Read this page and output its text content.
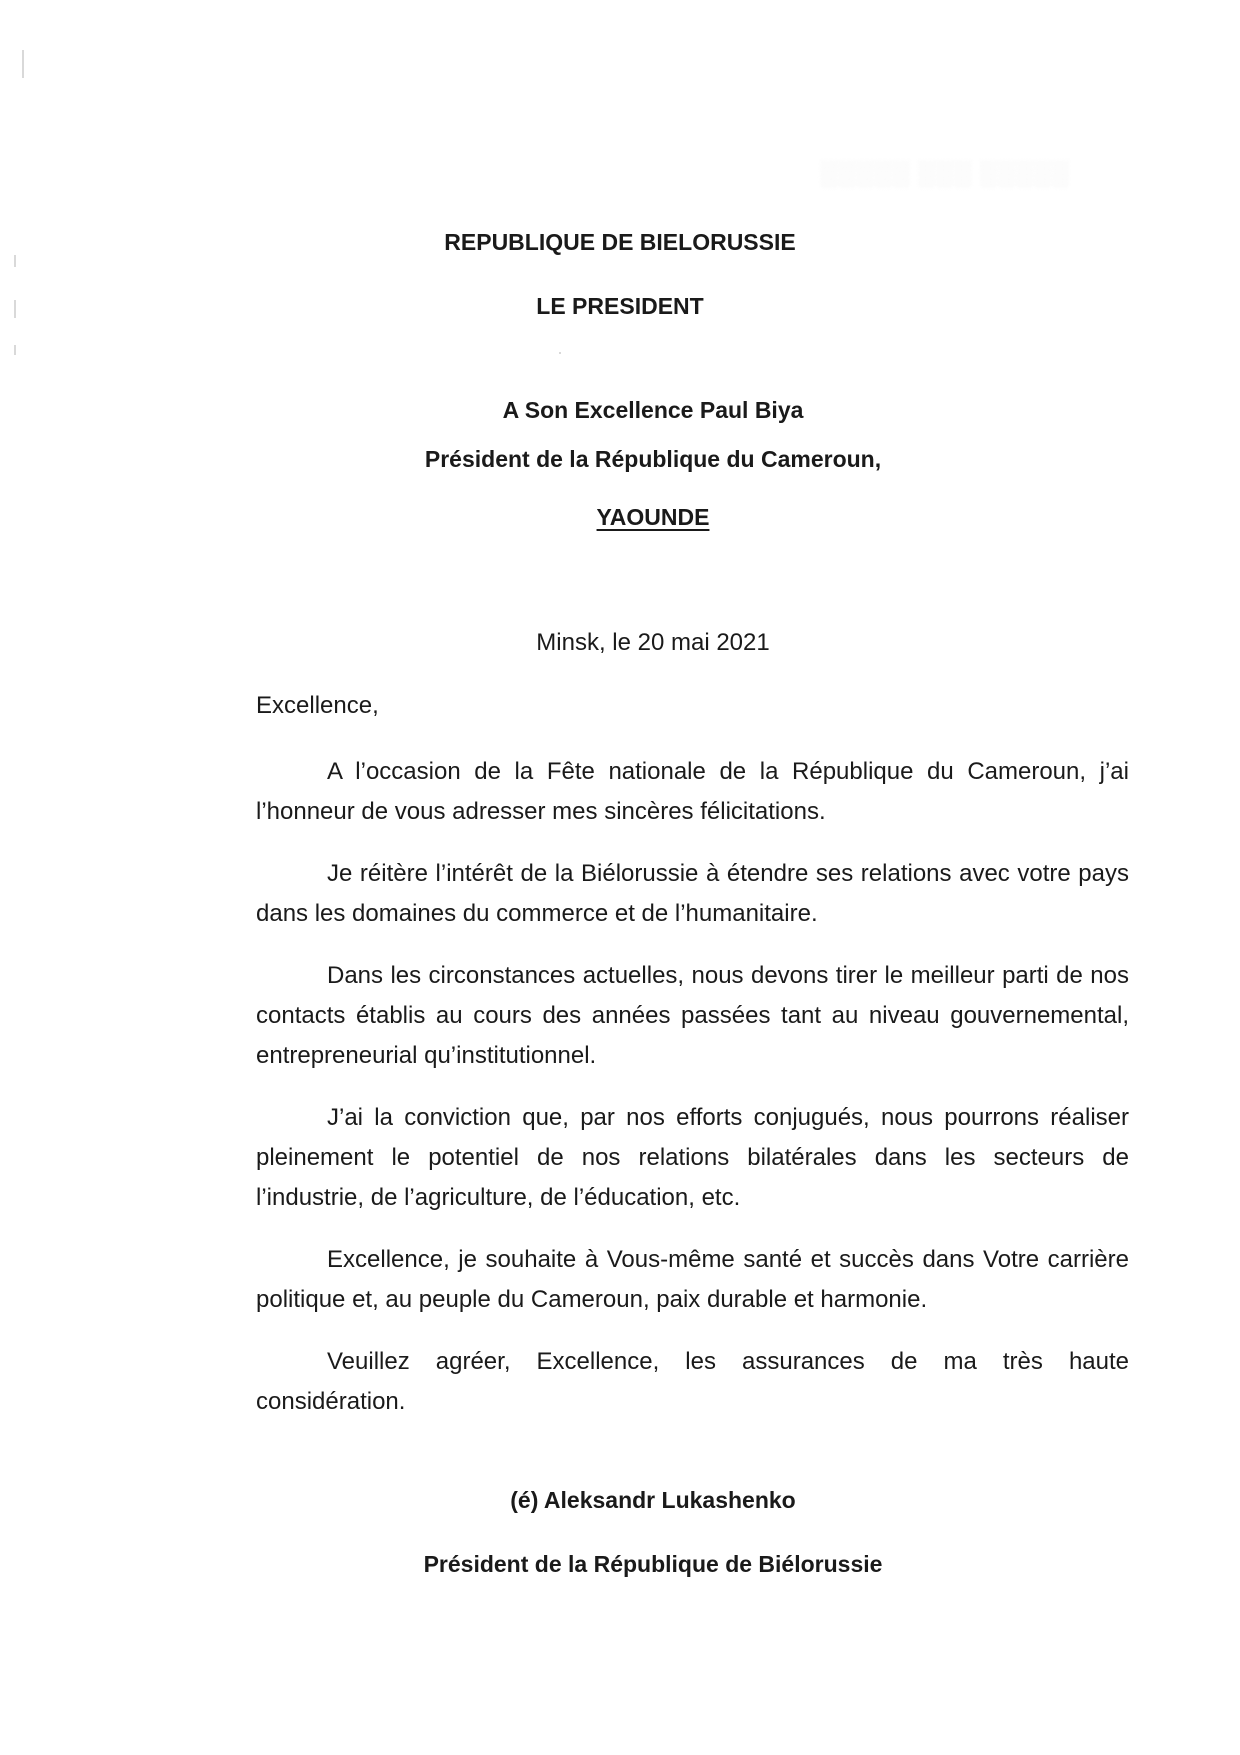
░░░░░ ░░░ ░░░░░
REPUBLIQUE DE BIELORUSSIE
LE PRESIDENT
A Son Excellence Paul Biya
Président de la République du Cameroun,
YAOUNDE
Minsk, le 20 mai 2021
Excellence,

A l’occasion de la Fête nationale de la République du Cameroun, j’ai l’honneur de vous adresser mes sincères félicitations.

Je réitère l’intérêt de la Biélorussie à étendre ses relations avec votre pays dans les domaines du commerce et de l’humanitaire.

Dans les circonstances actuelles, nous devons tirer le meilleur parti de nos contacts établis au cours des années passées tant au niveau gouvernemental, entrepreneurial qu’institutionnel.

J’ai la conviction que, par nos efforts conjugués, nous pourrons réaliser pleinement le potentiel de nos relations bilatérales dans les secteurs de l’industrie, de l’agriculture, de l’éducation, etc.

Excellence, je souhaite à Vous-même santé et succès dans Votre carrière politique et, au peuple du Cameroun, paix durable et harmonie.

Veuillez agréer, Excellence, les assurances de ma très haute considération.

(é) Aleksandr Lukashenko
Président de la République de Biélorussie
